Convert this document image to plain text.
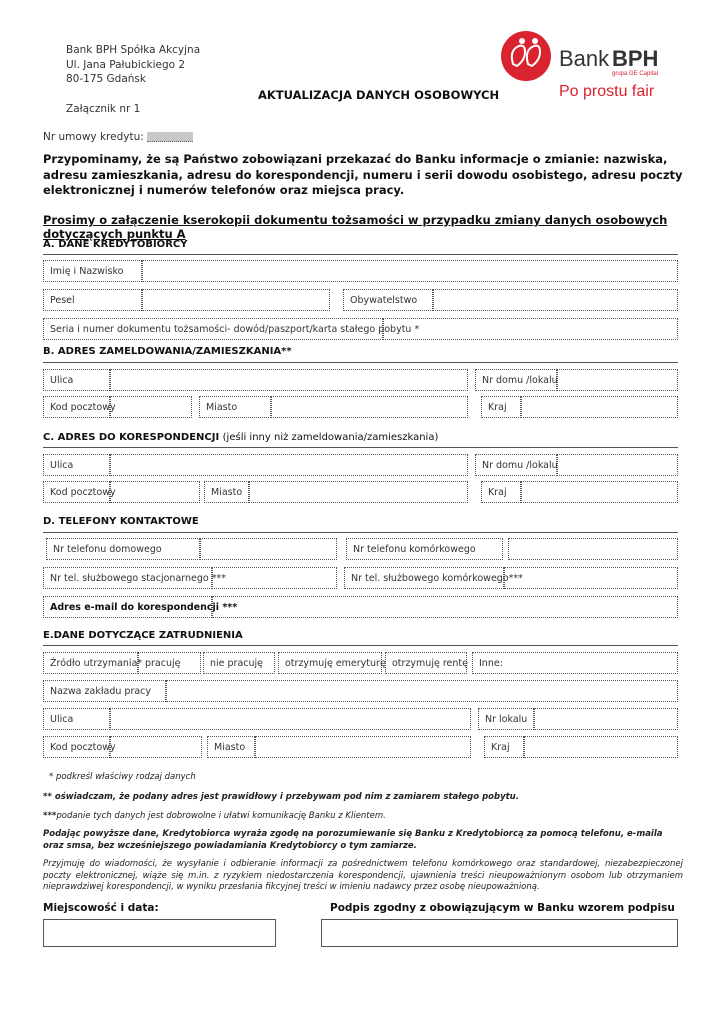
Bank BPH Spółka Akcyjna
Ul. Jana Pałubickiego 2
80-175 Gdańsk
Załącznik nr 1
AKTUALIZACJA DANYCH OSOBOWYCH
Nr umowy kredytu:
Bank BPH
grupa GE Capital
Po prostu fair
Przypominamy, że są Państwo zobowiązani przekazać do Banku informacje o zmianie: nazwiska, adresu zamieszkania, adresu do korespondencji, numeru i serii dowodu osobistego, adresu poczty elektronicznej i numerów telefonów oraz miejsca pracy.
Prosimy o załączenie kserokopii dokumentu tożsamości w przypadku zmiany danych osobowych dotyczących punktu A
A. DANE KREDYTOBIORCY
Imię i Nazwisko
Pesel	Obywatelstwo
Seria i numer dokumentu tożsamości- dowód/paszport/karta stałego pobytu *
B. ADRES ZAMELDOWANIA/ZAMIESZKANIA**
Ulica	Nr domu /lokalu
Kod pocztowy	Miasto	Kraj
C. ADRES DO KORESPONDENCJI (jeśli inny niż zameldowania/zamieszkania)
Ulica	Nr domu /lokalu
Kod pocztowy	Miasto	Kraj
D. TELEFONY KONTAKTOWE
Nr telefonu domowego	Nr telefonu komórkowego
Nr tel. służbowego stacjonarnego ***	Nr tel. służbowego komórkowego***
Adres e-mail do korespondencji ***
E.DANE DOTYCZĄCE ZATRUDNIENIA
Źródło utrzymania* pracuję	nie pracuję	otrzymuję emeryturę otrzymuję rentę	Inne:
Nazwa zakładu pracy
Ulica	Nr lokalu
Kod pocztowy	Miasto	Kraj
* podkreśl właściwy rodzaj danych
** oświadczam, że podany adres jest prawidłowy i przebywam pod nim z zamiarem stałego pobytu.
***podanie tych danych jest dobrowolne i ułatwi komunikację Banku z Klientem.
Podając powyższe dane, Kredytobiorca wyraża zgodę na porozumiewanie się Banku z Kredytobiorcą za pomocą telefonu, e-maila oraz smsa, bez wcześniejszego powiadamiania Kredytobiorcy o tym zamiarze.
Przyjmuję do wiadomości, że wysyłanie i odbieranie informacji za pośrednictwem telefonu komórkowego oraz standardowej, niezabezpieczonej poczty elektronicznej, wiąże się m.in. z ryzykiem niedostarczenia korespondencji, ujawnienia treści nieupoważnionym osobom lub otrzymaniem nieprawdziwej korespondencji, w wyniku przesłania fikcyjnej treści w imieniu nadawcy przez osobę nieupoważnioną.
Miejscowość i data:	Podpis zgodny z obowiązującym w Banku wzorem podpisu
